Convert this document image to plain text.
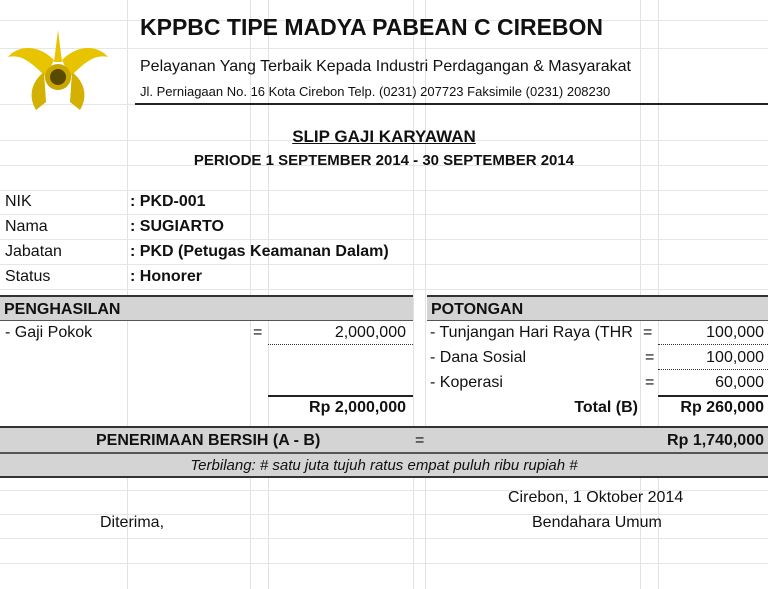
KPPBC TIPE MADYA PABEAN C CIREBON
Pelayanan Yang Terbaik Kepada Industri Perdagangan & Masyarakat
Jl. Perniagaan No. 16 Kota Cirebon Telp. (0231) 207723 Faksimile (0231) 208230
SLIP GAJI KARYAWAN
PERIODE 1 SEPTEMBER 2014 - 30 SEPTEMBER 2014
NIK	: PKD-001
Nama	: SUGIARTO
Jabatan	: PKD (Petugas Keamanan Dalam)
Status	: Honorer
PENGHASILAN	POTONGAN
- Gaji Pokok	=	2,000,000
Rp 2,000,000
- Tunjangan Hari Raya (THR =	100,000
- Dana Sosial	=	100,000
- Koperasi	=	60,000
Total (B)	Rp 260,000
PENERIMAAN BERSIH (A - B)	=	Rp 1,740,000
Terbilang: # satu juta tujuh ratus empat puluh ribu rupiah #
Cirebon, 1 Oktober 2014
Diterima,	Bendahara Umum
